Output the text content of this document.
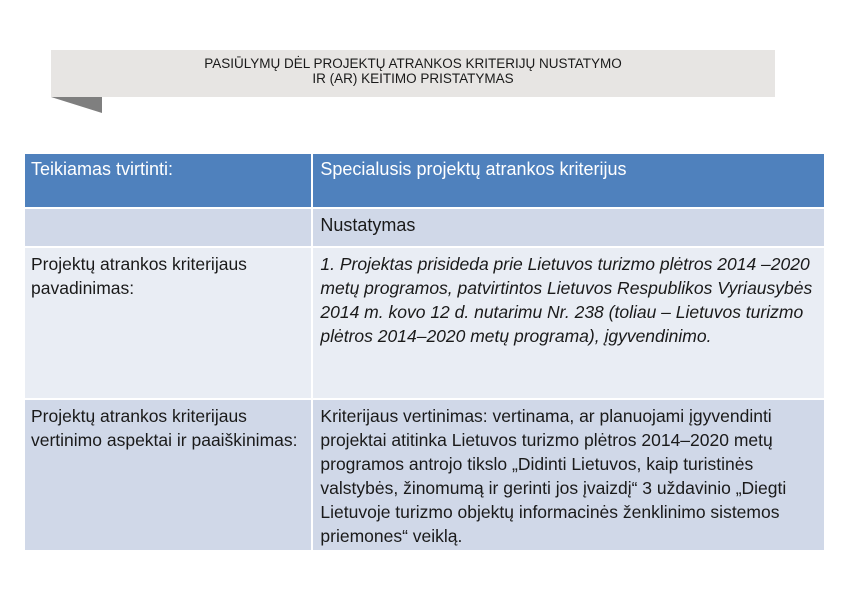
PASIŪLYMŲ DĖL PROJEKTŲ ATRANKOS KRITERIJŲ NUSTATYMO
IR (AR) KEITIMO PRISTATYMAS
Teikiamas tvirtinti:	Specialusis projektų atrankos kriterijus
	Nustatymas
Projektų atrankos kriterijaus pavadinimas:	1. Projektas prisideda prie Lietuvos turizmo plėtros 2014 –2020 metų programos, patvirtintos Lietuvos Respublikos Vyriausybės 2014 m. kovo 12 d. nutarimu Nr. 238 (toliau – Lietuvos turizmo plėtros 2014–2020 metų programa), įgyvendinimo.
Projektų atrankos kriterijaus vertinimo aspektai ir paaiškinimas:	Kriterijaus vertinimas: vertinama, ar planuojami įgyvendinti projektai atitinka Lietuvos turizmo plėtros 2014–2020 metų programos antrojo tikslo „Didinti Lietuvos, kaip turistinės valstybės, žinomumą ir gerinti jos įvaizdį“ 3 uždavinio „Diegti Lietuvoje turizmo objektų informacinės ženklinimo sistemos priemones“ veiklą.
